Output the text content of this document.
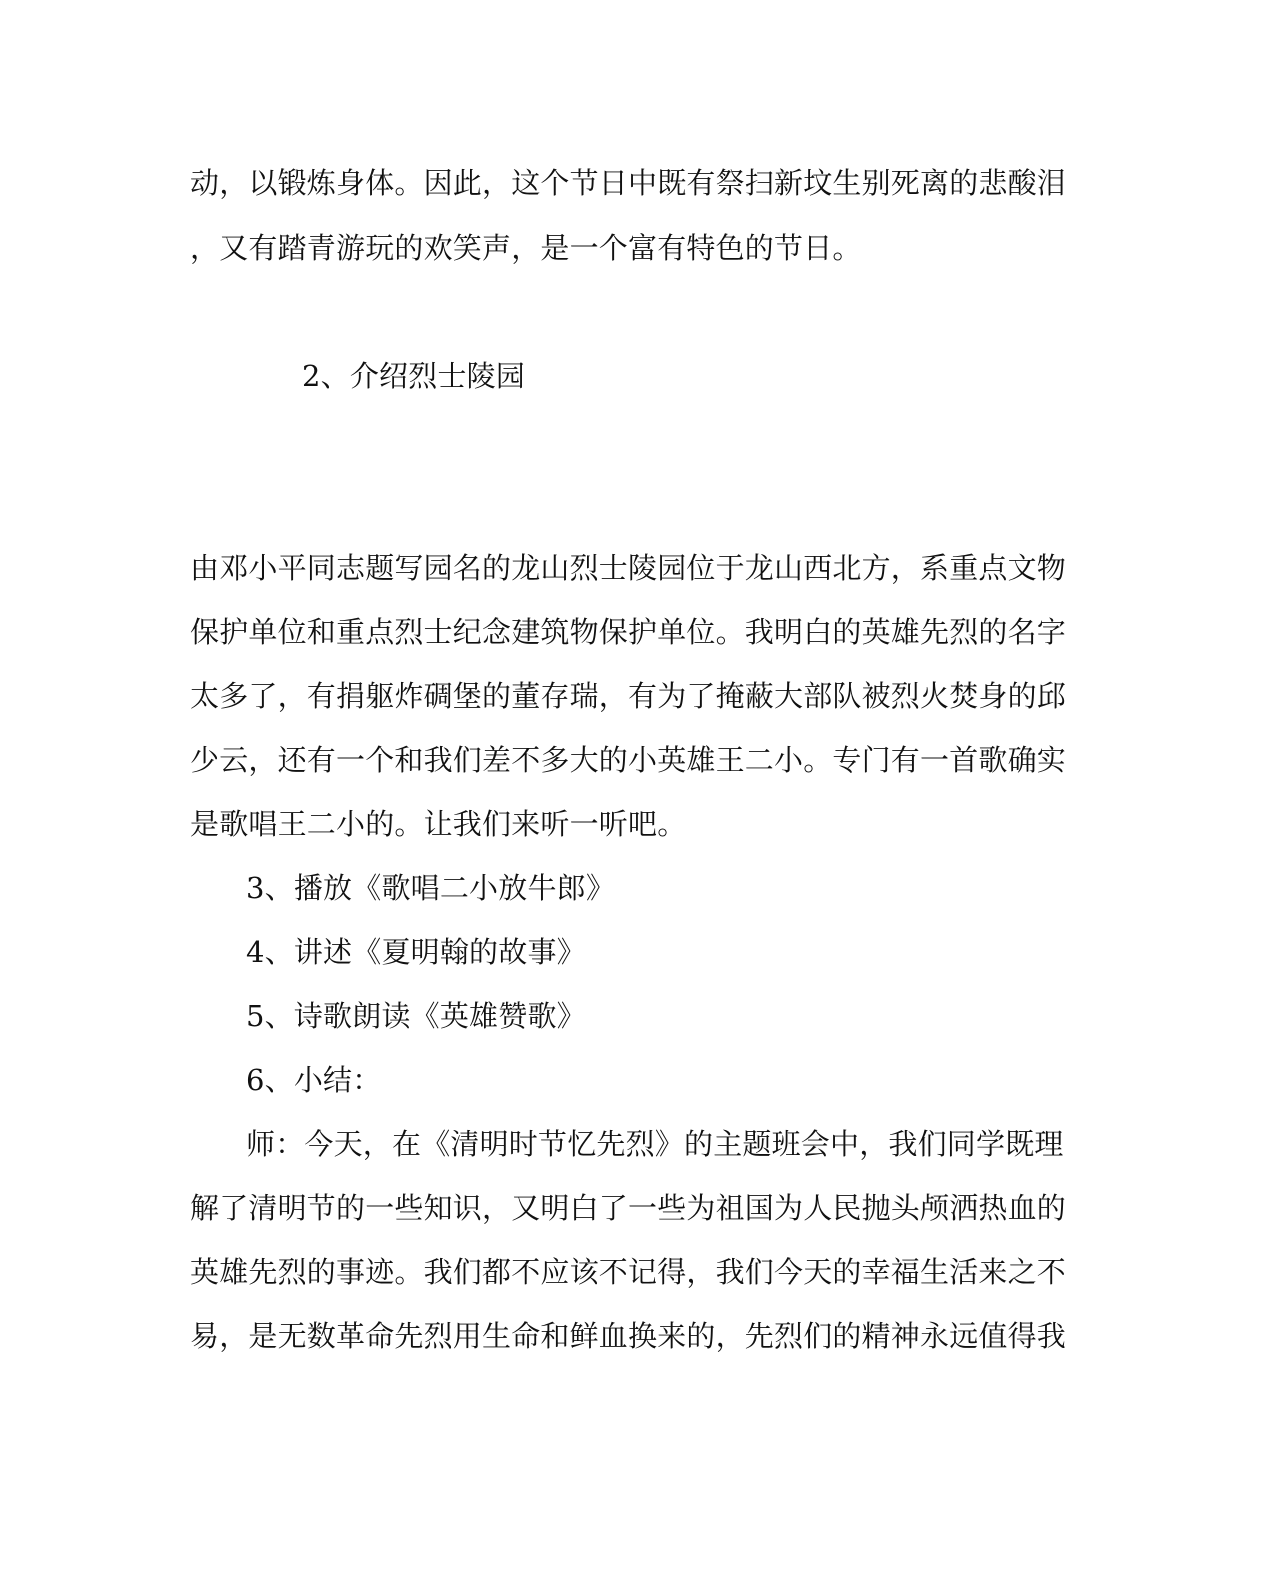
动，以锻炼身体。因此，这个节日中既有祭扫新坟生别死离的悲酸泪
，又有踏青游玩的欢笑声，是一个富有特色的节日。
2、介绍烈士陵园
由邓小平同志题写园名的龙山烈士陵园位于龙山西北方，系重点文物
保护单位和重点烈士纪念建筑物保护单位。我明白的英雄先烈的名字
太多了，有捐躯炸碉堡的董存瑞，有为了掩蔽大部队被烈火焚身的邱
少云，还有一个和我们差不多大的小英雄王二小。专门有一首歌确实
是歌唱王二小的。让我们来听一听吧。
3、播放《歌唱二小放牛郎》
4、讲述《夏明翰的故事》
5、诗歌朗读《英雄赞歌》
6、小结：
师：今天，在《清明时节忆先烈》的主题班会中，我们同学既理
解了清明节的一些知识，又明白了一些为祖国为人民抛头颅洒热血的
英雄先烈的事迹。我们都不应该不记得，我们今天的幸福生活来之不
易，是无数革命先烈用生命和鲜血换来的，先烈们的精神永远值得我
